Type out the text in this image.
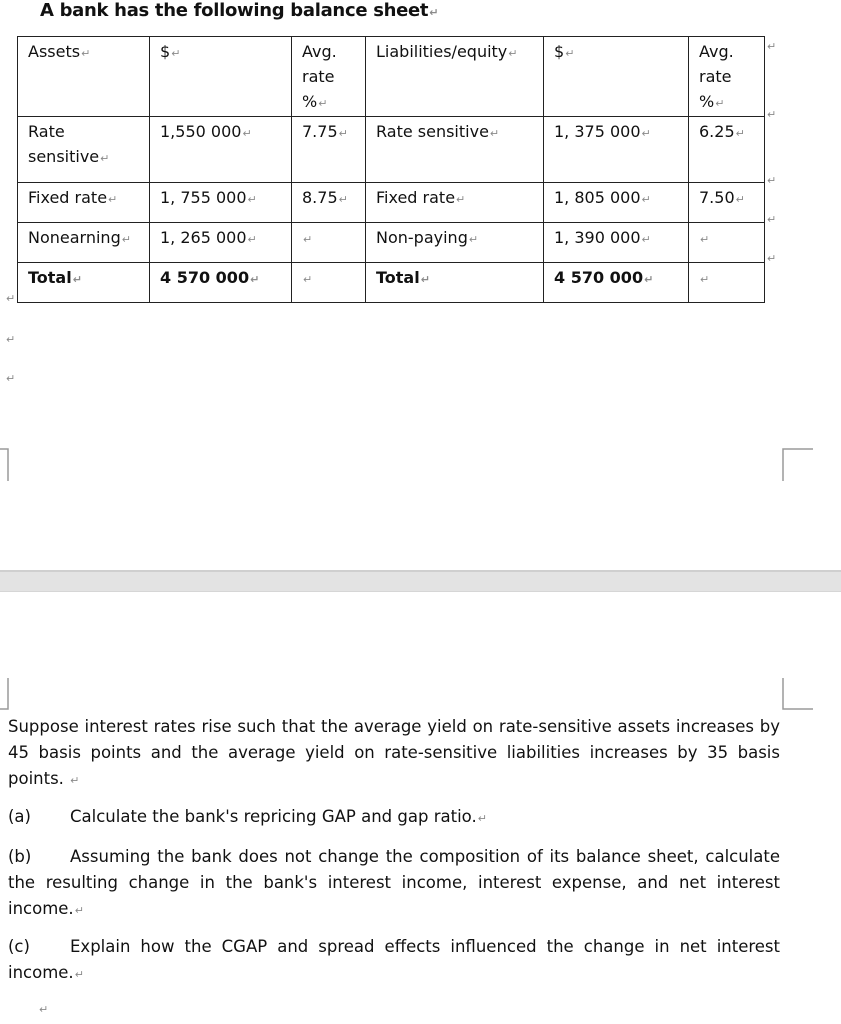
A bank has the following balance sheet↵
Assets↵	$↵	Avg. rate %↵	Liabilities/equity↵	$↵	Avg. rate %↵
Rate sensitive↵	1,550 000↵	7.75↵	Rate sensitive↵	1, 375 000↵	6.25↵
Fixed rate↵	1, 755 000↵	8.75↵	Fixed rate↵	1, 805 000↵	7.50↵
Nonearning↵	1, 265 000↵	↵	Non-paying↵	1, 390 000↵	↵
Total↵	4 570 000↵	↵	Total↵	4 570 000↵	↵
↵
↵
↵
↵
↵
↵
↵
↵
Suppose interest rates rise such that the average yield on rate-sensitive assets increases by 45 basis points and the average yield on rate-sensitive liabilities increases by 35 basis points. ↵
(a) Calculate the bank's repricing GAP and gap ratio.↵
(b) Assuming the bank does not change the composition of its balance sheet, calculate the resulting change in the bank's interest income, interest expense, and net interest income.↵
(c) Explain how the CGAP and spread effects influenced the change in net interest income.↵
↵
